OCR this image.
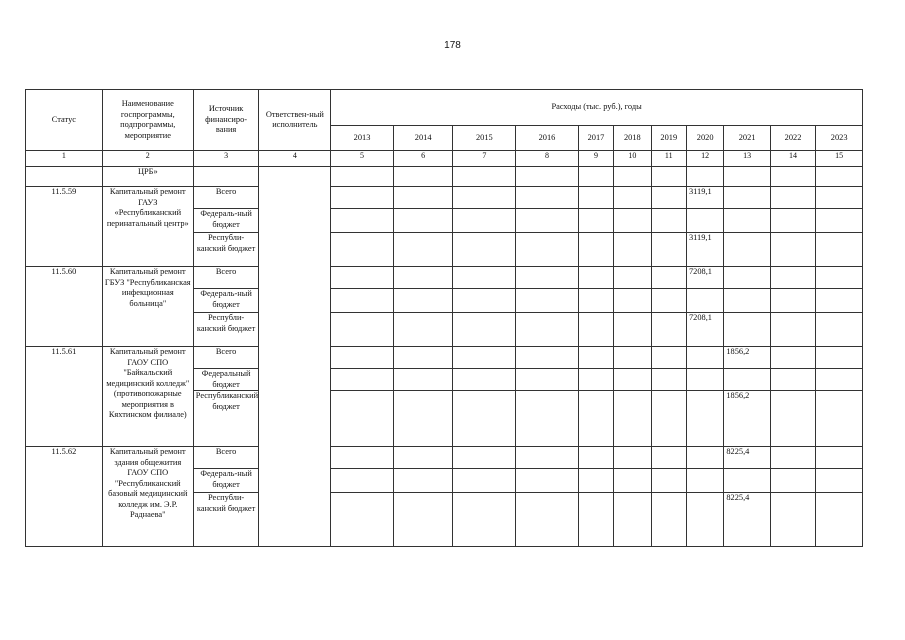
178
Статус	Наименование госпрограммы, подпрограммы, мероприятие	Источник финансиро-вания	Ответствен-ный исполнитель	Расходы (тыс. руб.), годы										
				2013	2014	2015	2016	2017	2018	2019	2020	2021	2022	2023
1	2	3	4	5	6	7	8	9	10	11	12	13	14	15
	ЦРБ»													
11.5.59	Капитальный ремонт ГАУЗ «Республиканский перинатальный центр»	Всего									3119,1			
		Федераль-ный бюджет												
		Республи-канский бюджет									3119,1			
11.5.60	Капитальный ремонт ГБУЗ "Республиканская инфекционная больница"	Всего									7208,1			
		Федераль-ный бюджет												
		Республи-канский бюджет									7208,1			
11.5.61	Капитальный ремонт ГАОУ СПО "Байкальский медицинский колледж" (противопожарные мероприятия в Кяхтинском филиале)	Всего										1856,2		
		Федеральный бюджет												
		Республиканский бюджет										1856,2		
11.5.62	Капитальный ремонт здания общежития ГАОУ СПО "Республиканский базовый медицинский колледж им. Э.Р. Раднаева"	Всего										8225,4		
		Федераль-ный бюджет												
		Республи-канский бюджет										8225,4		
